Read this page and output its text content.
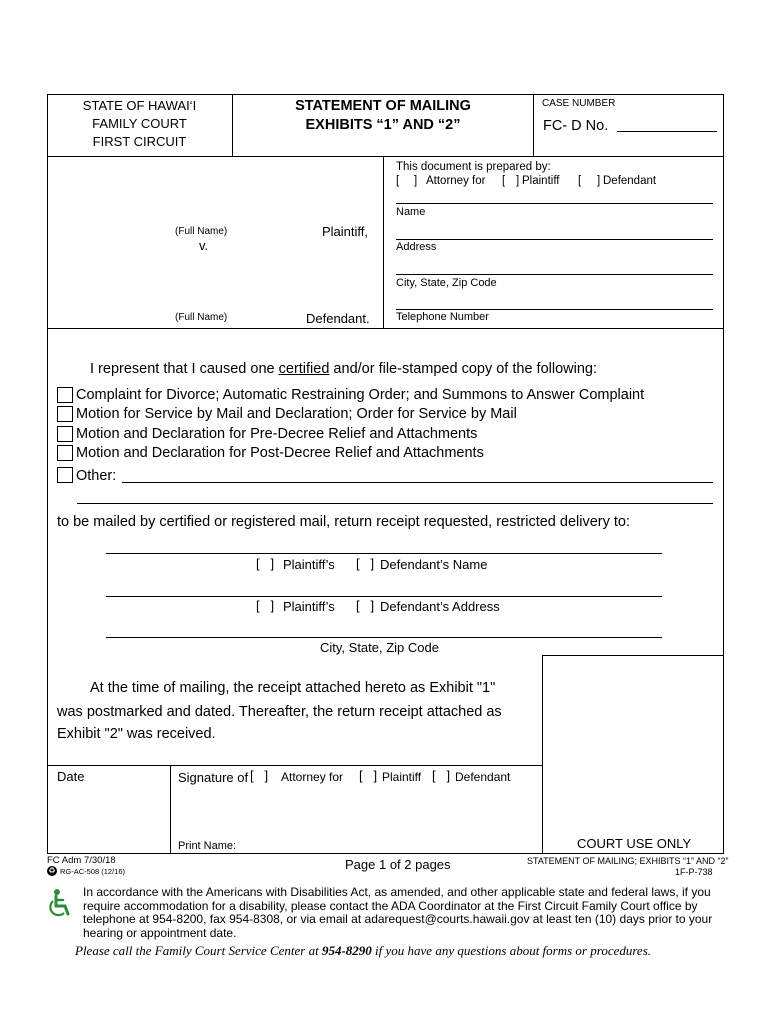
STATE OF HAWAI‘I
FAMILY COURT
FIRST CIRCUIT
STATEMENT OF MAILING
EXHIBITS “1” AND “2”
CASE NUMBER
FC- D No.
This document is prepared by:
[ ] Attorney for [ ] Plaintiff [ ] Defendant
Name
Address
City, State, Zip Code
Telephone Number
(Full Name)
v.
Plaintiff,
(Full Name)	Defendant.
I represent that I caused one certified and/or file-stamped copy of the following:
Complaint for Divorce; Automatic Restraining Order; and Summons to Answer Complaint
Motion for Service by Mail and Declaration; Order for Service by Mail
Motion and Declaration for Pre-Decree Relief and Attachments
Motion and Declaration for Post-Decree Relief and Attachments
Other:
to be mailed by certified or registered mail, return receipt requested, restricted delivery to:
[   ] Plaintiff’s [   ] Defendant’s Name
[   ] Plaintiff’s [   ] Defendant’s Address
City, State, Zip Code
COURT USE ONLY
At the time of mailing, the receipt attached hereto as Exhibit "1"
was postmarked and dated. Thereafter, the return receipt attached as
Exhibit "2" was received.
Date	Signature of [   ] Attorney for [   ] Plaintiff [   ] Defendant
Print Name:
FC Adm 7/30/18
♻ RG-AC-508 (12/16)	Page 1 of 2 pages	STATEMENT OF MAILING; EXHIBITS “1” AND “2”
1F-P-738
In accordance with the Americans with Disabilities Act, as amended, and other applicable state and federal laws, if you
require accommodation for a disability, please contact the ADA Coordinator at the First Circuit Family Court office by
telephone at 954-8200, fax 954-8308, or via email at adarequest@courts.hawaii.gov at least ten (10) days prior to your
hearing or appointment date.
Please call the Family Court Service Center at 954-8290 if you have any questions about forms or procedures.
